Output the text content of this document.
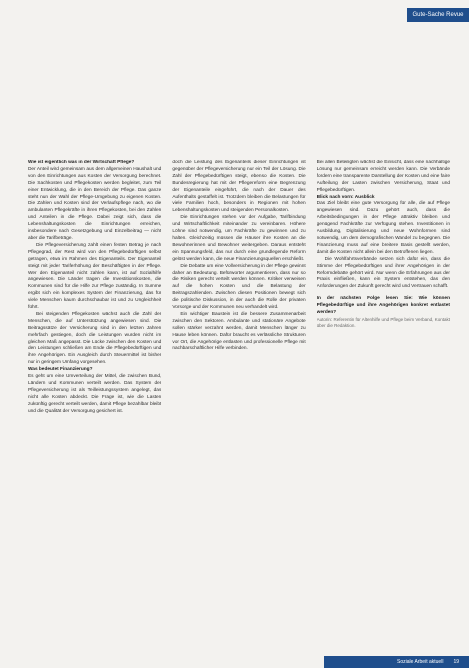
Gute-Sache Revue

Wie ist eigentlich was in der Wirtschaft Pflege?

Der Anteil wird gemeinsam aus dem allgemeinen Haushalt und von den Einrichtungen aus Kosten der Versorgung berechnet. Die Sachkosten und Pflegekosten werden begleitet, zum Teil einer Entwicklung, die in den Bereich der Pflege. Das ganze steht nun der Wahl der Pflege-Umgebung zu eigenen Kosten. Die Zahlen und Kosten sind der Verlaufspflege nach, wo die ambulanten Pflegekräfte in ihren Pflegekosten, bei den Zahlen und Anteilen in die Pflege. Dabei zeigt sich, dass die Lebenshaltungskosten die Einrichtungen erreichen, insbesondere nach Gesetzgebung und Einzelbeitrag — nicht aber die Tarifbeträge.

Die Pflegeversicherung zahlt einen festen Betrag je nach Pflegegrad, der Rest wird von den Pflegebedürftigen selbst getragen, etwa im Rahmen des Eigenanteils. Der Eigenanteil steigt mit jeder Tariferhöhung der Beschäftigten in der Pflege. Wer den Eigenanteil nicht zahlen kann, ist auf Sozialhilfe angewiesen. Die Länder tragen die Investitionskosten, die Kommunen sind für die Hilfe zur Pflege zuständig. In Summe ergibt sich ein komplexes System der Finanzierung, das für viele Menschen kaum durchschaubar ist und zu Ungleichheit führt.

Bei steigenden Pflegekosten wächst auch die Zahl der Menschen, die auf Unterstützung angewiesen sind. Die Beitragssätze der Versicherung sind in den letzten Jahren mehrfach gestiegen, doch die Leistungen wurden nicht im gleichen Maß angepasst. Die Lücke zwischen den Kosten und den Leistungen schließen am Ende die Pflegebedürftigen und ihre Angehörigen. Ein Ausgleich durch Steuermittel ist bisher nur in geringem Umfang vorgesehen.

Was bedeutet Finanzierung?

Es geht um eine Umverteilung der Mittel, die zwischen Bund, Ländern und Kommunen verteilt werden. Das System der Pflegeversicherung ist als Teilleistungssystem angelegt, das nicht alle Kosten abdeckt. Die Frage ist, wie die Lasten zukünftig gerecht verteilt werden, damit Pflege bezahlbar bleibt und die Qualität der Versorgung gesichert ist.

doch die Leistung des Eigenanteils dieser Einrichtungen ist gegenüber der Pflegeversicherung nur ein Teil der Lösung. Die Zahl der Pflegebedürftigen steigt, ebenso die Kosten. Die Bundesregierung hat mit der Pflegereform eine Begrenzung der Eigenanteile eingeführt, die nach der Dauer des Aufenthalts gestaffelt ist. Trotzdem bleiben die Belastungen für viele Familien hoch, besonders in Regionen mit hohen Lebenshaltungskosten und steigenden Personalkosten.

Die Einrichtungen stehen vor der Aufgabe, Tarifbindung und Wirtschaftlichkeit miteinander zu vereinbaren. Höhere Löhne sind notwendig, um Fachkräfte zu gewinnen und zu halten. Gleichzeitig müssen die Häuser ihre Kosten an die Bewohnerinnen und Bewohner weitergeben. Daraus entsteht ein Spannungsfeld, das nur durch eine grundlegende Reform gelöst werden kann, die neue Finanzierungsquellen erschließt.

Die Debatte um eine Vollversicherung in der Pflege gewinnt daher an Bedeutung. Befürworter argumentieren, dass nur so die Risiken gerecht verteilt werden können. Kritiker verweisen auf die hohen Kosten und die Belastung der Beitragszahlenden. Zwischen diesen Positionen bewegt sich die politische Diskussion, in der auch die Rolle der privaten Vorsorge und der Kommunen neu verhandelt wird.

Ein wichtiger Baustein ist die bessere Zusammenarbeit zwischen den Sektoren. Ambulante und stationäre Angebote sollen stärker verzahnt werden, damit Menschen länger zu Hause leben können. Dafür braucht es verlässliche Strukturen vor Ort, die Angehörige entlasten und professionelle Pflege mit nachbarschaftlicher Hilfe verbinden.

Bei allen Beteiligten wächst die Einsicht, dass eine nachhaltige Lösung nur gemeinsam erreicht werden kann. Die Verbände fordern eine transparente Darstellung der Kosten und eine faire Aufteilung der Lasten zwischen Versicherung, Staat und Pflegebedürftigen.

Blick nach vorn: Ausblick

Das Ziel bleibt eine gute Versorgung für alle, die auf Pflege angewiesen sind. Dazu gehört auch, dass die Arbeitsbedingungen in der Pflege attraktiv bleiben und genügend Fachkräfte zur Verfügung stehen. Investitionen in Ausbildung, Digitalisierung und neue Wohnformen sind notwendig, um dem demografischen Wandel zu begegnen. Die Finanzierung muss auf eine breitere Basis gestellt werden, damit die Kosten nicht allein bei den Betroffenen liegen.

Die Wohlfahrtsverbände setzen sich dafür ein, dass die Stimme der Pflegebedürftigen und ihrer Angehörigen in der Reformdebatte gehört wird. Nur wenn die Erfahrungen aus der Praxis einfließen, kann ein System entstehen, das den Anforderungen der Zukunft gerecht wird und Vertrauen schafft.

In der nächsten Folge lesen Sie: Wie können Pflegebedürftige und ihre Angehörigen konkret entlastet werden?

Autorin: Referentin für Altenhilfe und Pflege beim Verband, Kontakt über die Redaktion.

Soziale Arbeit aktuell 19
